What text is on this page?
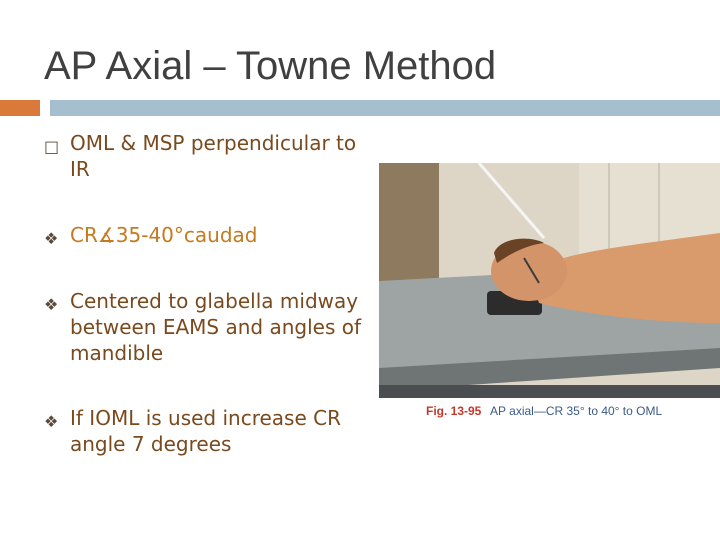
AP Axial – Towne Method
□ OML & MSP perpendicular to IR
❖ CR∡35-40°caudad
❖ Centered to glabella midway between EAMS and angles of mandible
❖ If IOML is used increase CR angle 7 degrees
Fig. 13-95 AP axial—CR 35° to 40° to OML
